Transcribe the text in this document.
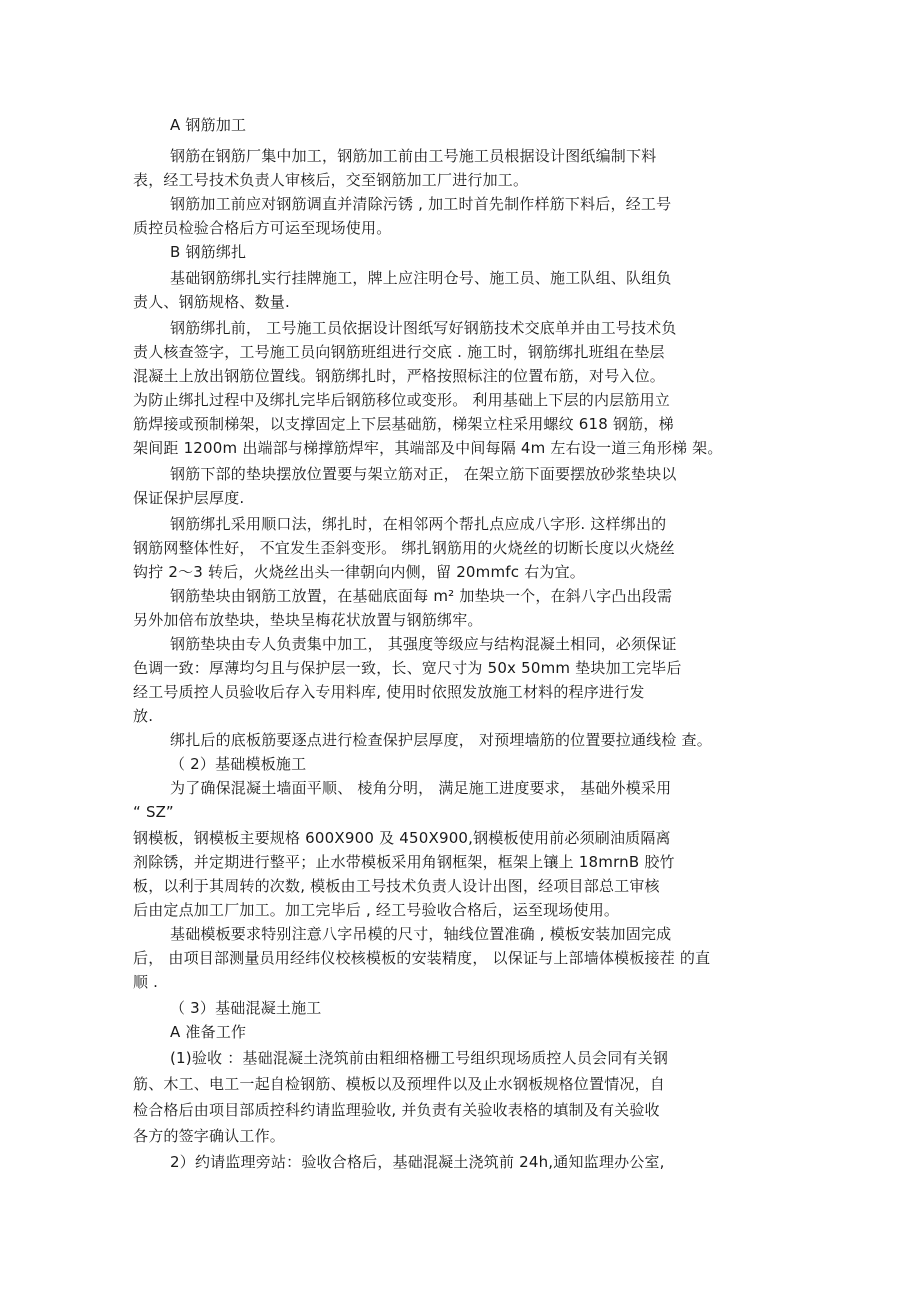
A 钢筋加工

钢筋在钢筋厂集中加工，钢筋加工前由工号施工员根据设计图纸编制下料

表，经工号技术负责人审核后，交至钢筋加工厂进行加工。

钢筋加工前应对钢筋调直并清除污锈 , 加工时首先制作样筋下料后，经工号

质控员检验合格后方可运至现场使用。

B 钢筋绑扎

基础钢筋绑扎实行挂牌施工，牌上应注明仓号、施工员、施工队组、队组负

责人、钢筋规格、数量.

钢筋绑扎前， 工号施工员依据设计图纸写好钢筋技术交底单并由工号技术负

责人核查签字，工号施工员向钢筋班组进行交底 . 施工时，钢筋绑扎班组在垫层

混凝土上放出钢筋位置线。钢筋绑扎时，严格按照标注的位置布筋，对号入位。

为防止绑扎过程中及绑扎完毕后钢筋移位或变形。 利用基础上下层的内层筋用立

筋焊接或预制梯架，以支撑固定上下层基础筋，梯架立柱采用螺纹 618 钢筋，梯

架间距 1200m 出端部与梯撑筋焊牢，其端部及中间每隔 4m 左右设一道三角形梯 架。

钢筋下部的垫块摆放位置要与架立筋对正， 在架立筋下面要摆放砂浆垫块以

保证保护层厚度.

钢筋绑扎采用顺口法，绑扎时，在相邻两个帮扎点应成八字形. 这样绑出的

钢筋网整体性好， 不宜发生歪斜变形。 绑扎钢筋用的火烧丝的切断长度以火烧丝

钩拧 2～3 转后，火烧丝出头一律朝向内侧，留 20mmfc 右为宜。

钢筋垫块由钢筋工放置，在基础底面每 m² 加垫块一个，在斜八字凸出段需

另外加倍布放垫块，垫块呈梅花状放置与钢筋绑牢。

钢筋垫块由专人负责集中加工， 其强度等级应与结构混凝土相同，必须保证

色调一致：厚薄均匀且与保护层一致，长、宽尺寸为 50x 50mm 垫块加工完毕后

经工号质控人员验收后存入专用料库, 使用时依照发放施工材料的程序进行发

放.

绑扎后的底板筋要逐点进行检查保护层厚度， 对预埋墙筋的位置要拉通线检 查。

（ 2）基础模板施工

为了确保混凝土墙面平顺、 棱角分明， 满足施工进度要求， 基础外模采用

“ SZ”

钢模板，钢模板主要规格 600X900 及 450X900,钢模板使用前必须刷油质隔离

剂除锈，并定期进行整平；止水带模板采用角钢框架，框架上镶上 18mrnB 胶竹

板，以利于其周转的次数, 模板由工号技术负责人设计出图，经项目部总工审核

后由定点加工厂加工。加工完毕后 , 经工号验收合格后，运至现场使用。

基础模板要求特别注意八字吊模的尺寸，轴线位置准确 , 模板安装加固完成

后， 由项目部测量员用经纬仪校核模板的安装精度， 以保证与上部墙体模板接茬 的直

顺 .

（ 3）基础混凝土施工

A 准备工作

(1)验收 ：基础混凝土浇筑前由粗细格栅工号组织现场质控人员会同有关钢

筋、木工、电工一起自检钢筋、模板以及预埋件以及止水钢板规格位置情况，自

检合格后由项目部质控科约请监理验收, 并负责有关验收表格的填制及有关验收

各方的签字确认工作。

2）约请监理旁站：验收合格后，基础混凝土浇筑前 24h,通知监理办公室,
